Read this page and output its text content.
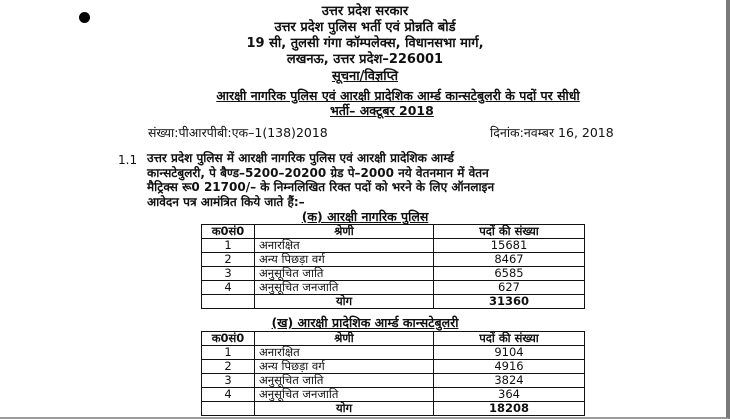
उत्तर प्रदेश सरकार
उत्तर प्रदेश पुलिस भर्ती एवं प्रोन्नति बोर्ड
19 सी, तुलसी गंगा कॉम्पलेक्स, विधानसभा मार्ग,
लखनऊ, उत्तर प्रदेश–226001
सूचना/विज्ञप्ति
आरक्षी नागरिक पुलिस एवं आरक्षी प्रादेशिक आर्म्ड कान्सटेबुलरी के पदों पर सीधी
भर्ती– अक्टूबर 2018
संख्या:पीआरपीबी:एक–1(138)2018	दिनांक:नवम्बर 16, 2018
1.1 उत्तर प्रदेश पुलिस में आरक्षी नागरिक पुलिस एवं आरक्षी प्रादेशिक आर्म्ड
कान्सटेबुलरी, पे बैण्ड–5200–20200 ग्रेड पे–2000 नये वेतनमान में वेतन
मैट्रिक्स रू0 21700/– के निम्नलिखित रिक्त पदों को भरने के लिए ऑनलाइन
आवेदन पत्र आमंत्रित किये जाते हैं:–
(क) आरक्षी नागरिक पुलिस
क0सं0	श्रेणी	पदों की संख्या
1	अनारक्षित	15681
2	अन्य पिछड़ा वर्ग	8467
3	अनुसूचित जाति	6585
4	अनुसूचित जनजाति	627
	योग	31360
(ख) आरक्षी प्रादेशिक आर्म्ड कान्सटेबुलरी
क0सं0	श्रेणी	पदों की संख्या
1	अनारक्षित	9104
2	अन्य पिछड़ा वर्ग	4916
3	अनुसूचित जाति	3824
4	अनुसूचित जनजाति	364
	योग	18208
